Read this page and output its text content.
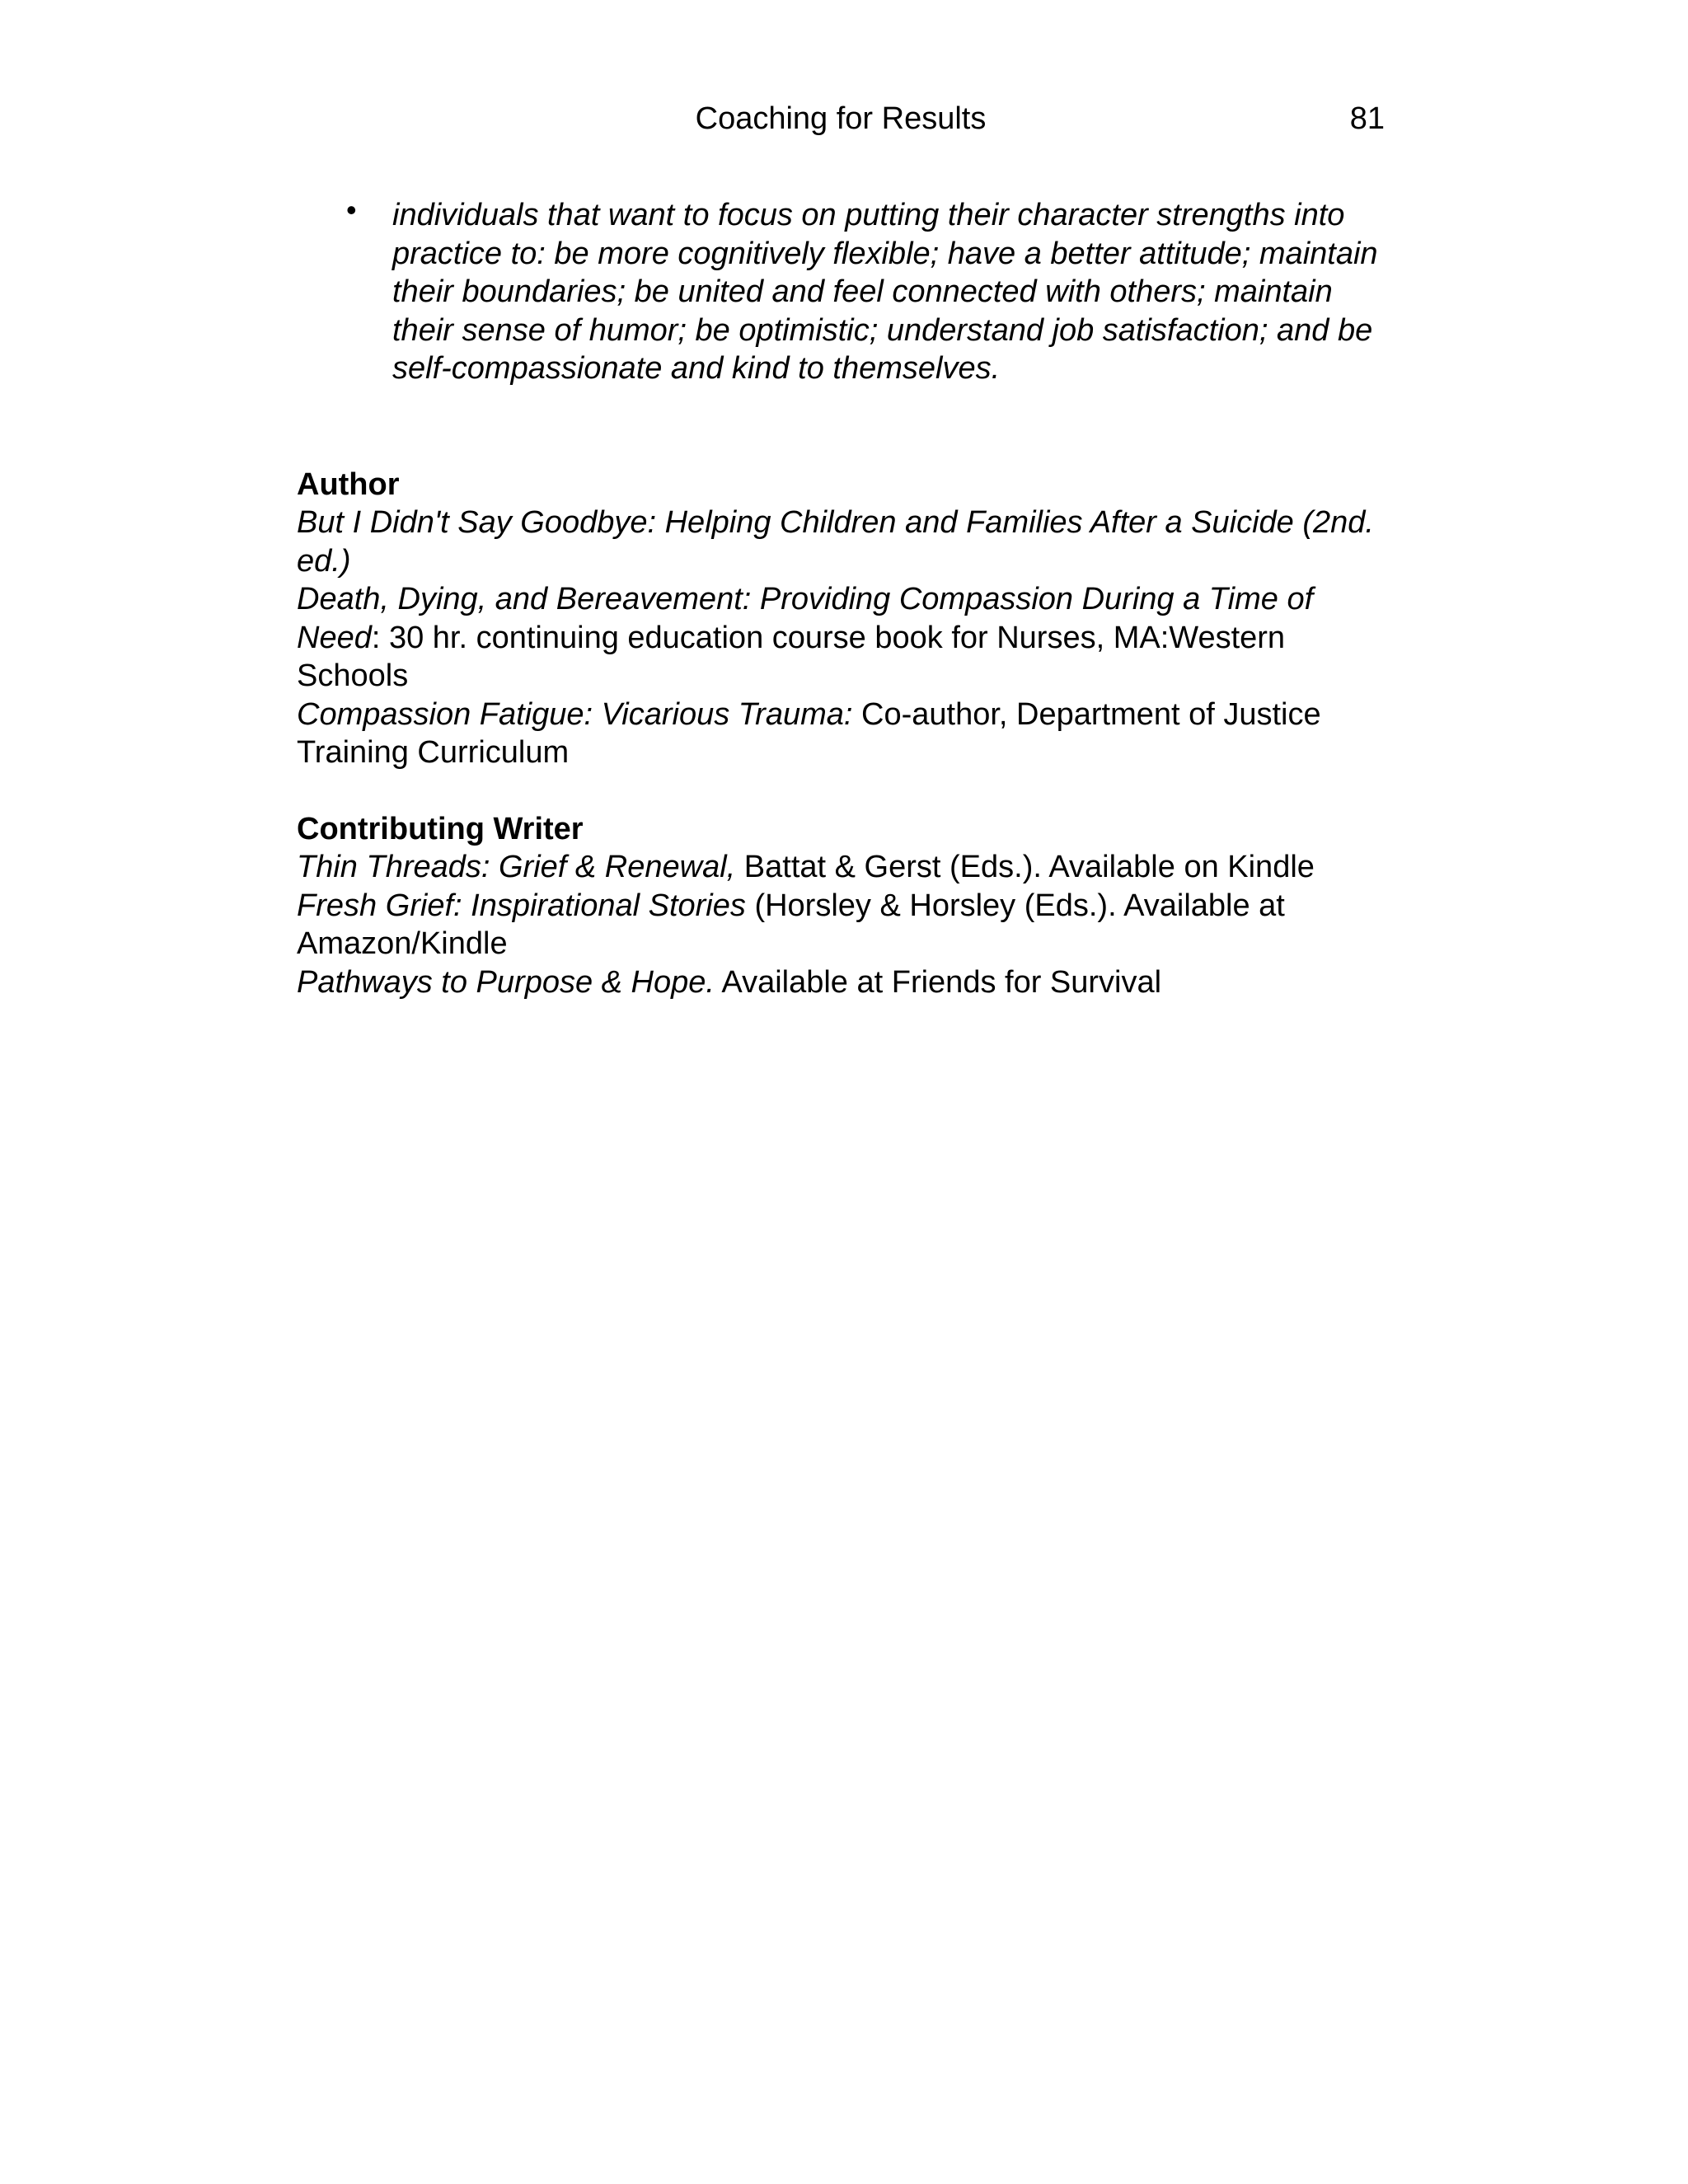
Coaching for Results	81
• individuals that want to focus on putting their character strengths into practice to: be more cognitively flexible; have a better attitude; maintain their boundaries; be united and feel connected with others; maintain their sense of humor; be optimistic; understand job satisfaction; and be self-compassionate and kind to themselves.

Author

But I Didn't Say Goodbye: Helping Children and Families After a Suicide (2nd. ed.)

Death, Dying, and Bereavement: Providing Compassion During a Time of Need: 30 hr. continuing education course book for Nurses, MA:Western Schools

Compassion Fatigue: Vicarious Trauma: Co-author, Department of Justice Training Curriculum

Contributing Writer

Thin Threads: Grief & Renewal, Battat & Gerst (Eds.). Available on Kindle

Fresh Grief: Inspirational Stories (Horsley & Horsley (Eds.). Available at Amazon/Kindle

Pathways to Purpose & Hope. Available at Friends for Survival
